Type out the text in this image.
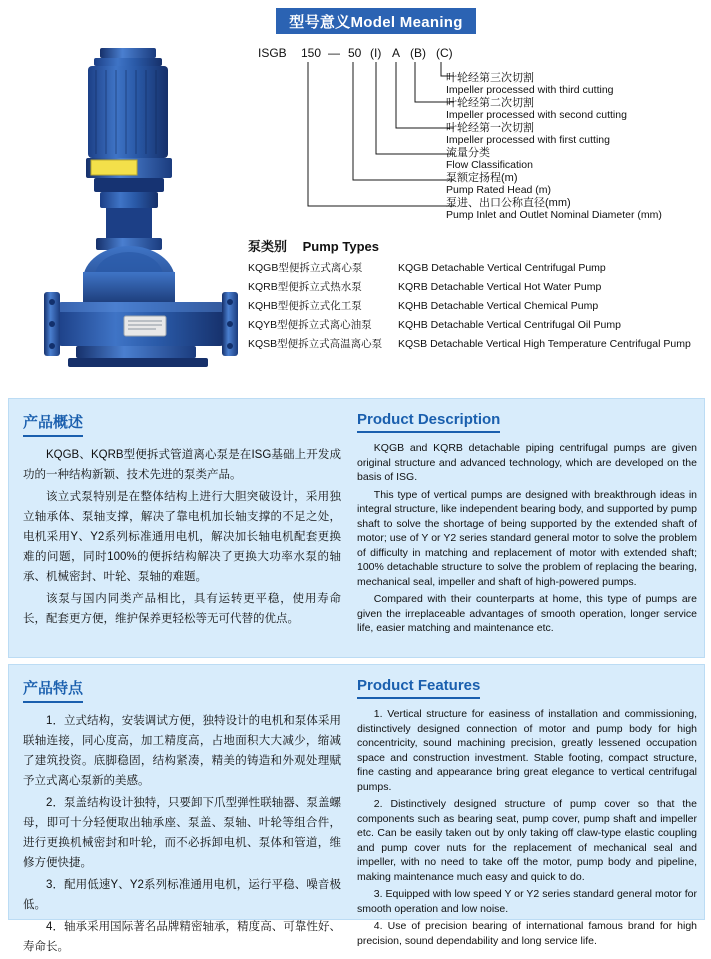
型号意义Model Meaning
ISGB 150 — 50 (I) A (B) (C)
叶轮经第三次切割
Impeller processed with third cutting
叶轮经第二次切割
Impeller processed with second cutting
叶轮经第一次切割
Impeller processed with first cutting
流量分类
Flow Classification
泵额定扬程(m)
Pump Rated Head (m)
泵进、出口公称直径(mm)
Pump Inlet and Outlet Nominal Diameter (mm)
泵类别 Pump Types
KQGB型便拆立式离心泵	KQGB Detachable Vertical Centrifugal Pump
KQRB型便拆立式热水泵	KQRB Detachable Vertical Hot Water Pump
KQHB型便拆立式化工泵	KQHB Detachable Vertical Chemical Pump
KQYB型便拆立式离心油泵	KQHB Detachable Vertical Centrifugal Oil Pump
KQSB型便拆立式高温离心泵	KQSB Detachable Vertical High Temperature Centrifugal Pump
产品概述

KQGB、KQRB型便拆式管道离心泵是在ISG基础上开发成功的一种结构新颖、技术先进的泵类产品。

该立式泵特别是在整体结构上进行大胆突破设计，采用独立轴承体、泵轴支撑，解决了靠电机加长轴支撑的不足之处，电机采用Y、Y2系列标准通用电机，解决加长轴电机配套更换难的问题，同时100%的便拆结构解决了更换大功率水泵的轴承、机械密封、叶轮、泵轴的难题。

该泵与国内同类产品相比，具有运转更平稳，使用寿命长，配套更方便，维护保养更轻松等无可代替的优点。

Product Description

KQGB and KQRB detachable piping centrifugal pumps are given original structure and advanced technology, which are developed on the basis of ISG.

This type of vertical pumps are designed with breakthrough ideas in integral structure, like independent bearing body, and supported by pump shaft to solve the shortage of being supported by the extended shaft of motor; use of Y or Y2 series standard general motor to solve the problem of difficulty in matching and replacement of motor with extended shaft; 100% detachable structure to solve the problem of replacing the bearing, mechanical seal, impeller and shaft of high-powered pumps.

Compared with their counterparts at home, this type of pumps are given the irreplaceable advantages of smooth operation, longer service life, easier matching and maintenance etc.

产品特点

1．立式结构，安装调试方便，独特设计的电机和泵体采用联轴连接，同心度高，加工精度高，占地面积大大减少，缩减了建筑投资。底脚稳固，结构紧凑，精美的铸造和外观处理赋予立式离心泵新的美感。

2．泵盖结构设计独特，只要卸下爪型弹性联轴器、泵盖螺母，即可十分轻便取出轴承座、泵盖、泵轴、叶轮等组合件，进行更换机械密封和叶轮，而不必拆卸电机、泵体和管道，维修方便快捷。

3．配用低速Y、Y2系列标准通用电机，运行平稳、噪音极低。

4．轴承采用国际著名品牌精密轴承，精度高、可靠性好、寿命长。

Product Features

1. Vertical structure for easiness of installation and commissioning, distinctively designed connection of motor and pump body for high concentricity, sound machining precision, greatly lessened occupation space and construction investment. Stable footing, compact structure, fine casting and appearance bring great elegance to vertical centrifugal pumps.

2. Distinctively designed structure of pump cover so that the components such as bearing seat, pump cover, pump shaft and impeller etc. Can be easily taken out by only taking off claw-type elastic coupling and pump cover nuts for the replacement of mechanical seal and impeller, with no need to take off the motor, pump body and pipeline, making maintenance much easy and quick to do.

3. Equipped with low speed Y or Y2 series standard general motor for smooth operation and low noise.

4. Use of precision bearing of international famous brand for high precision, sound dependability and long service life.
